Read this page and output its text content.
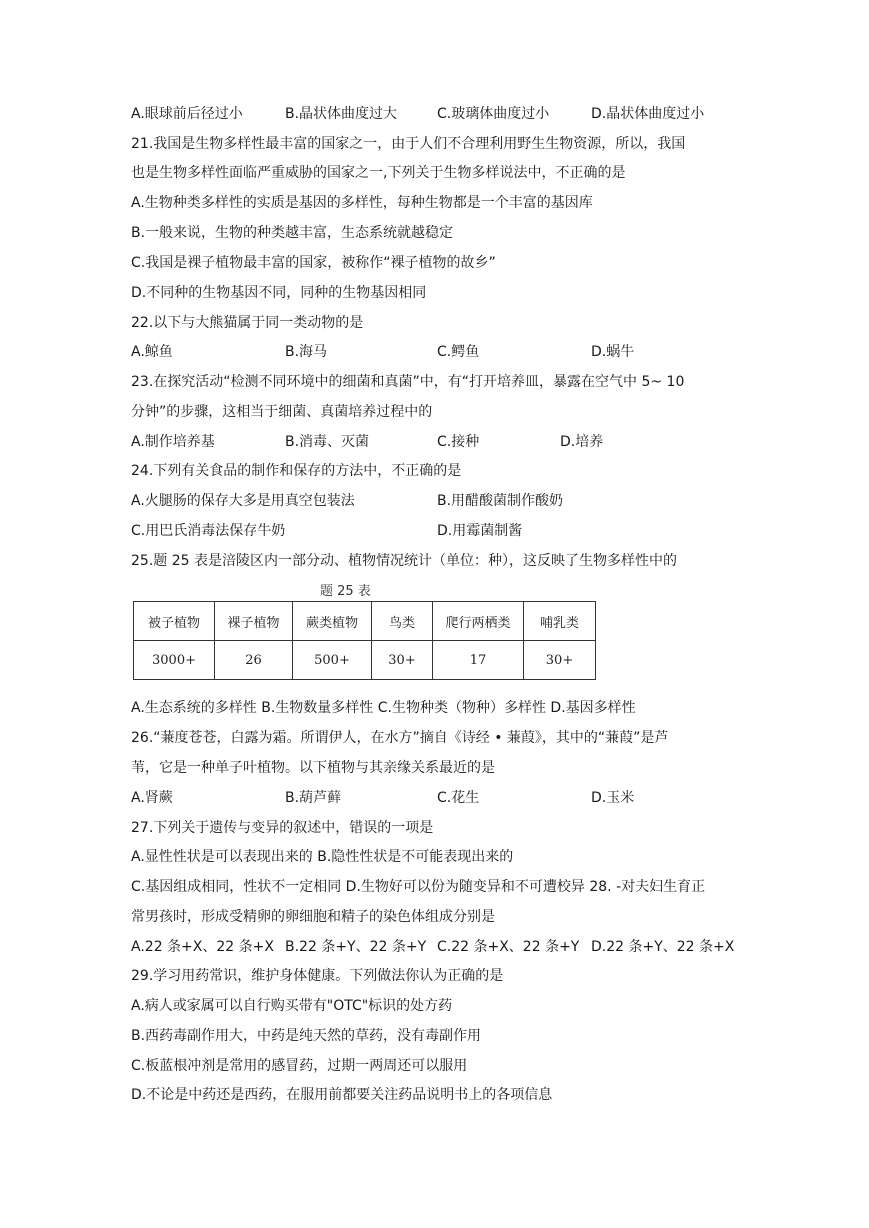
A.眼球前后径过小	B.晶状体曲度过大	C.玻璃体曲度过小	D.晶状体曲度过小
21.我国是生物多样性最丰富的国家之一，由于人们不合理利用野生生物资源，所以，我国
也是生物多样性面临严重威胁的国家之一,下列关于生物多样说法中，不正确的是
A.生物种类多样性的实质是基因的多样性，每种生物都是一个丰富的基因库
B.一般来说，生物的种类越丰富，生态系统就越稳定
C.我国是裸子植物最丰富的国家，被称作“裸子植物的故乡”
D.不同种的生物基因不同，同种的生物基因相同
22.以下与大熊猫属于同一类动物的是
A.鲸鱼	B.海马	C.鳄鱼	D.蜗牛
23.在探究活动“检测不同环境中的细菌和真菌”中，有“打开培养皿，暴露在空气中 5~ 10
分钟”的步骤，这相当于细菌、真菌培养过程中的
A.制作培养基	B.消毒、灭菌	C.接种	D.培养
24.下列有关食品的制作和保存的方法中，不正确的是
A.火腿肠的保存大多是用真空包装法	B.用醋酸菌制作酸奶
C.用巴氏消毒法保存牛奶	D.用霉菌制酱
25.题 25 表是涪陵区内一部分动、植物情况统计（单位：种），这反映了生物多样性中的
题 25 表
被子植物	裸子植物	蕨类植物	鸟类	爬行两栖类	哺乳类
3000+	26	500+	30+	17	30+
A.生态系统的多样性 B.生物数量多样性 C.生物种类（物种）多样性 D.基因多样性
26.“蒹度苍苍，白露为霜。所谓伊人，在水方”摘自《诗经 • 蒹葭》，其中的“蒹葭”是芦
苇，它是一种单子叶植物。以下植物与其亲缘关系最近的是
A.肾蕨	B.葫芦藓	C.花生	D.玉米
27.下列关于遗传与变异的叙述中，错误的一项是
A.显性性状是可以表现出来的 B.隐性性状是不可能表现出来的
C.基因组成相同，性状不一定相同 D.生物好可以份为随变异和不可遭校异 28. -对夫妇生育正
常男孩时，形成受精卵的卵细胞和精子的染色体组成分别是
A.22 条+X、22 条+X B.22 条+Y、22 条+Y C.22 条+X、22 条+Y D.22 条+Y、22 条+X
29.学习用药常识，维护身体健康。下列做法你认为正确的是
A.病人或家属可以自行购买带有"OTC"标识的处方药
B.西药毒副作用大，中药是纯天然的草药，没有毒副作用
C.板蓝根冲剂是常用的感冒药，过期一两周还可以服用
D.不论是中药还是西药，在服用前都要关注药品说明书上的各项信息
